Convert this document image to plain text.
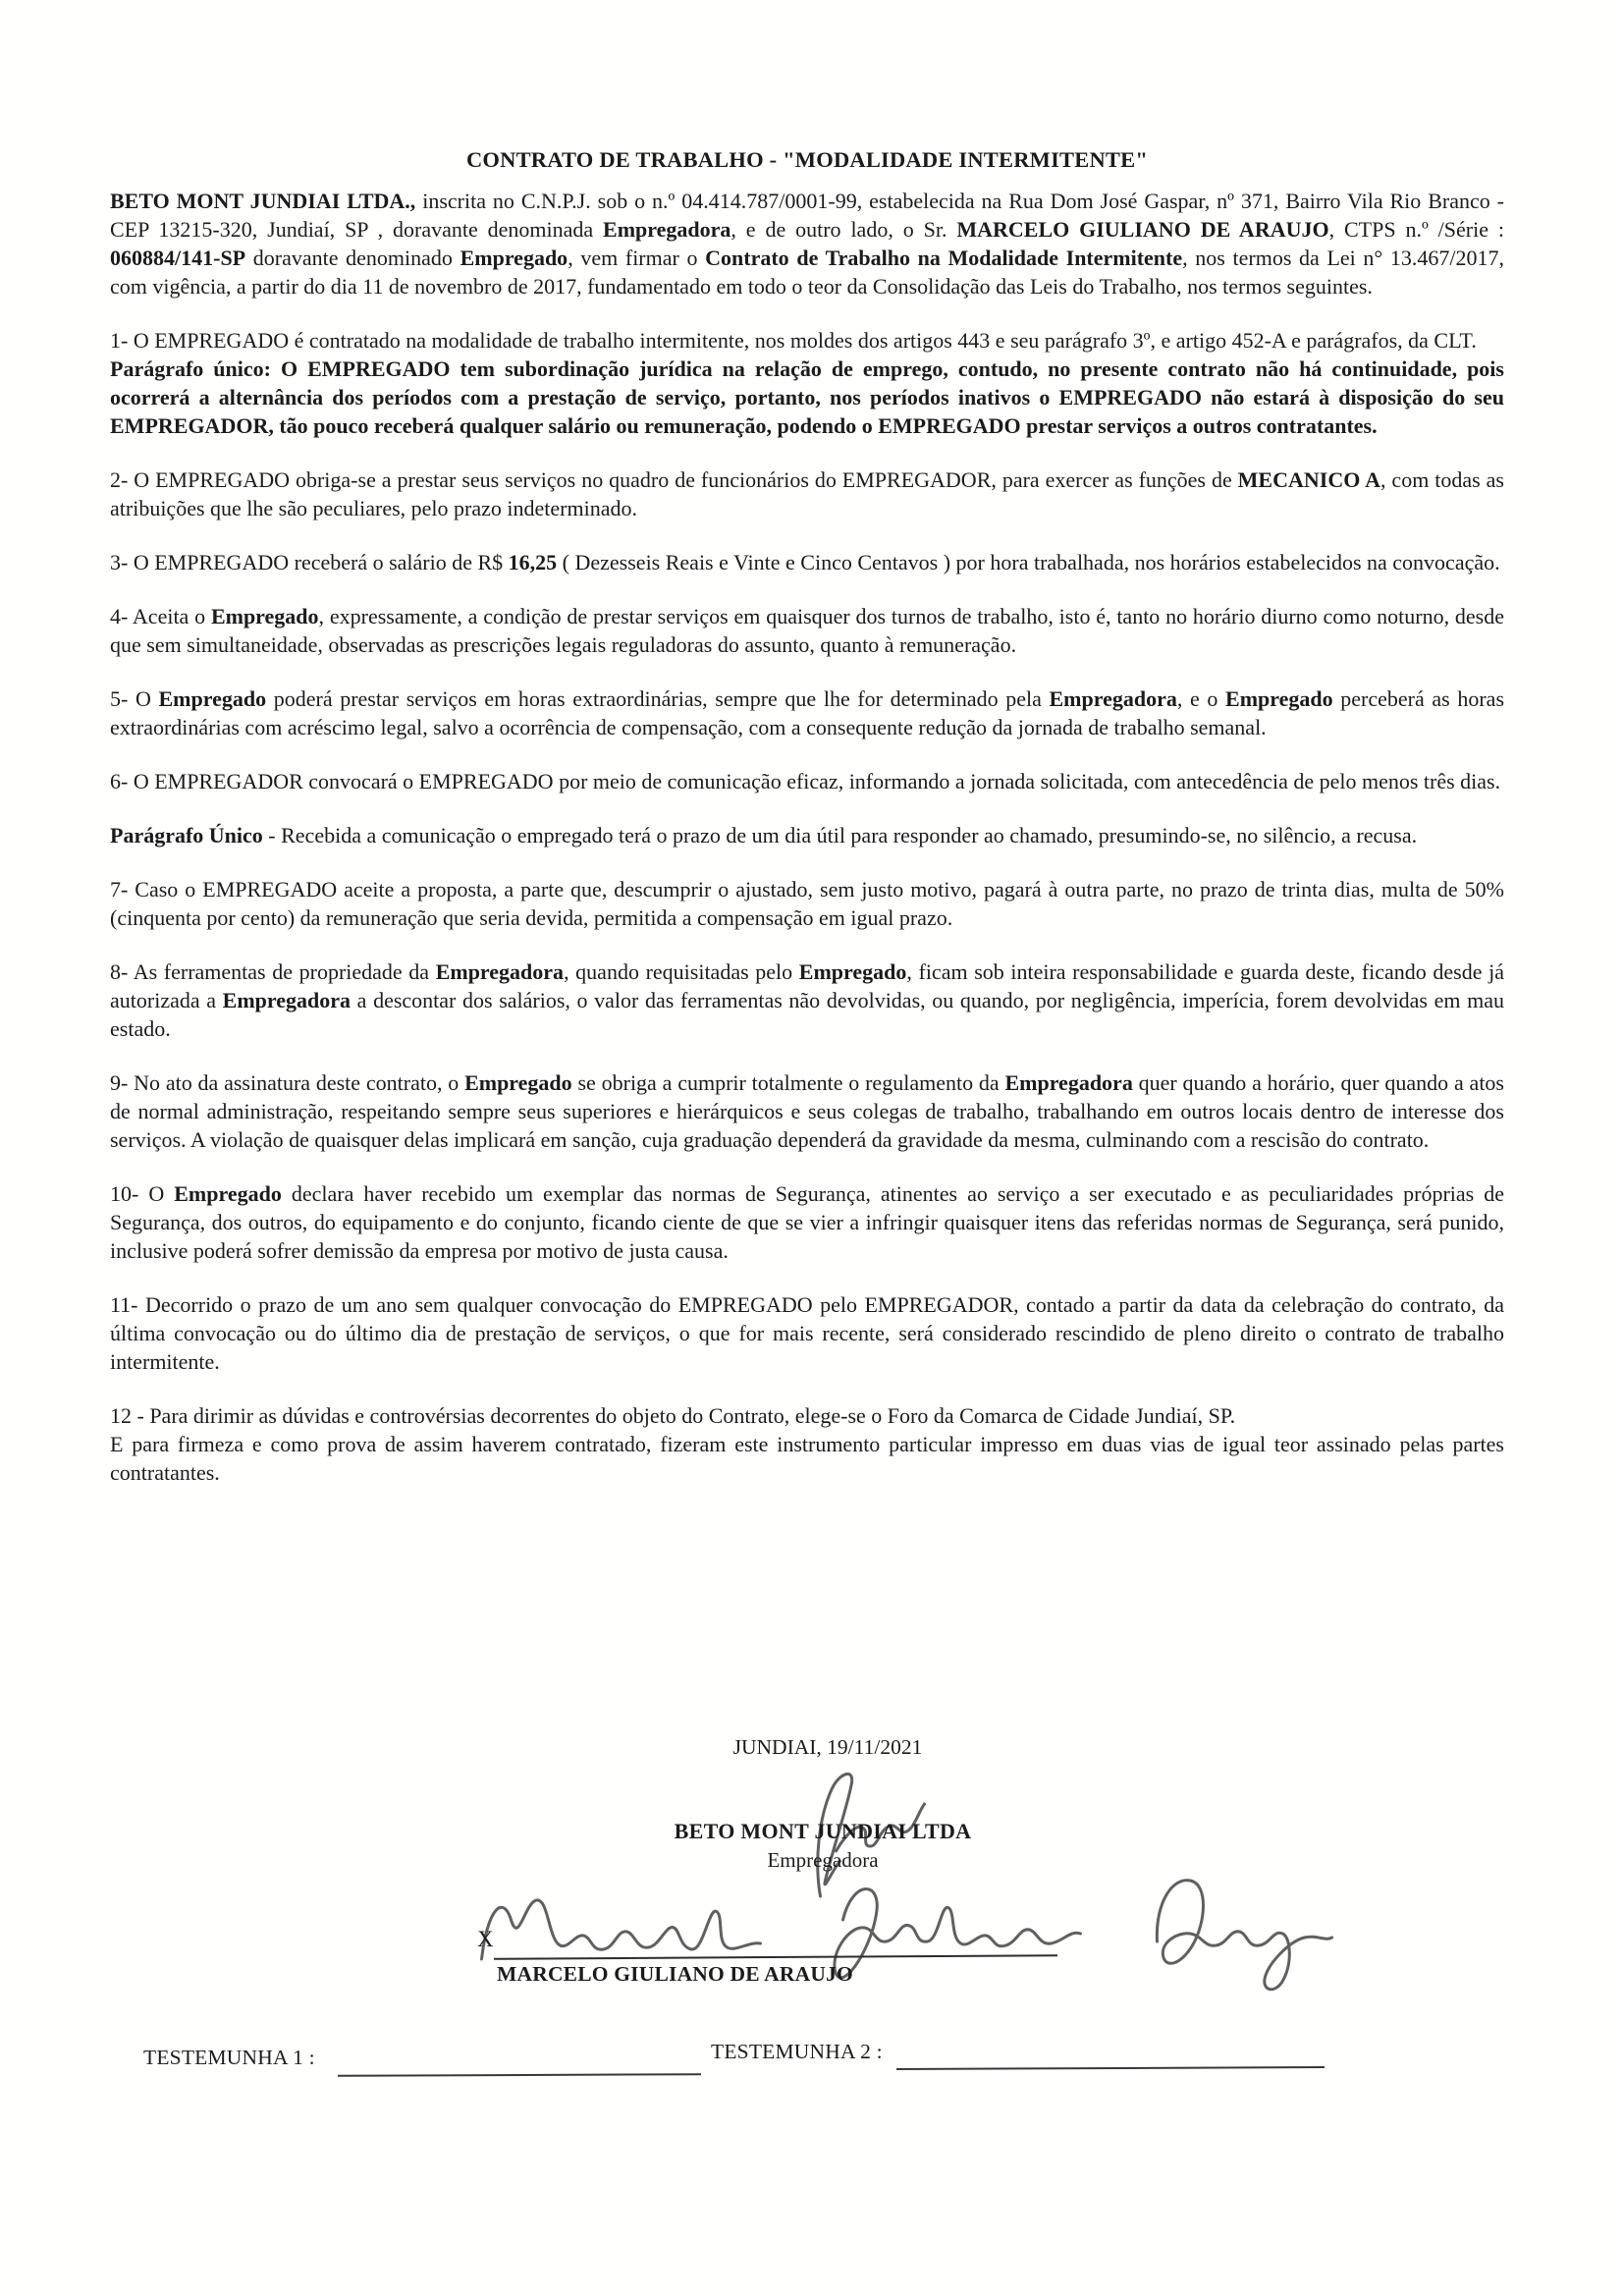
CONTRATO DE TRABALHO - "MODALIDADE INTERMITENTE"

BETO MONT JUNDIAI LTDA., inscrita no C.N.P.J. sob o n.º 04.414.787/0001-99, estabelecida na Rua Dom José Gaspar, nº 371, Bairro Vila Rio Branco - CEP 13215-320, Jundiaí, SP , doravante denominada Empregadora, e de outro lado, o Sr. MARCELO GIULIANO DE ARAUJO, CTPS n.º /Série : 060884/141-SP doravante denominado Empregado, vem firmar o Contrato de Trabalho na Modalidade Intermitente, nos termos da Lei n° 13.467/2017, com vigência, a partir do dia 11 de novembro de 2017, fundamentado em todo o teor da Consolidação das Leis do Trabalho, nos termos seguintes.

1- O EMPREGADO é contratado na modalidade de trabalho intermitente, nos moldes dos artigos 443 e seu parágrafo 3º, e artigo 452-A e parágrafos, da CLT.

Parágrafo único: O EMPREGADO tem subordinação jurídica na relação de emprego, contudo, no presente contrato não há continuidade, pois ocorrerá a alternância dos períodos com a prestação de serviço, portanto, nos períodos inativos o EMPREGADO não estará à disposição do seu EMPREGADOR, tão pouco receberá qualquer salário ou remuneração, podendo o EMPREGADO prestar serviços a outros contratantes.

2- O EMPREGADO obriga-se a prestar seus serviços no quadro de funcionários do EMPREGADOR, para exercer as funções de MECANICO A, com todas as atribuições que lhe são peculiares, pelo prazo indeterminado.

3- O EMPREGADO receberá o salário de R$ 16,25 ( Dezesseis Reais e Vinte e Cinco Centavos ) por hora trabalhada, nos horários estabelecidos na convocação.

4- Aceita o Empregado, expressamente, a condição de prestar serviços em quaisquer dos turnos de trabalho, isto é, tanto no horário diurno como noturno, desde que sem simultaneidade, observadas as prescrições legais reguladoras do assunto, quanto à remuneração.

5- O Empregado poderá prestar serviços em horas extraordinárias, sempre que lhe for determinado pela Empregadora, e o Empregado perceberá as horas extraordinárias com acréscimo legal, salvo a ocorrência de compensação, com a consequente redução da jornada de trabalho semanal.

6- O EMPREGADOR convocará o EMPREGADO por meio de comunicação eficaz, informando a jornada solicitada, com antecedência de pelo menos três dias.

Parágrafo Único - Recebida a comunicação o empregado terá o prazo de um dia útil para responder ao chamado, presumindo-se, no silêncio, a recusa.

7- Caso o EMPREGADO aceite a proposta, a parte que, descumprir o ajustado, sem justo motivo, pagará à outra parte, no prazo de trinta dias, multa de 50% (cinquenta por cento) da remuneração que seria devida, permitida a compensação em igual prazo.

8- As ferramentas de propriedade da Empregadora, quando requisitadas pelo Empregado, ficam sob inteira responsabilidade e guarda deste, ficando desde já autorizada a Empregadora a descontar dos salários, o valor das ferramentas não devolvidas, ou quando, por negligência, imperícia, forem devolvidas em mau estado.

9- No ato da assinatura deste contrato, o Empregado se obriga a cumprir totalmente o regulamento da Empregadora quer quando a horário, quer quando a atos de normal administração, respeitando sempre seus superiores e hierárquicos e seus colegas de trabalho, trabalhando em outros locais dentro de interesse dos serviços. A violação de quaisquer delas implicará em sanção, cuja graduação dependerá da gravidade da mesma, culminando com a rescisão do contrato.

10- O Empregado declara haver recebido um exemplar das normas de Segurança, atinentes ao serviço a ser executado e as peculiaridades próprias de Segurança, dos outros, do equipamento e do conjunto, ficando ciente de que se vier a infringir quaisquer itens das referidas normas de Segurança, será punido, inclusive poderá sofrer demissão da empresa por motivo de justa causa.

11- Decorrido o prazo de um ano sem qualquer convocação do EMPREGADO pelo EMPREGADOR, contado a partir da data da celebração do contrato, da última convocação ou do último dia de prestação de serviços, o que for mais recente, será considerado rescindido de pleno direito o contrato de trabalho intermitente.

12 - Para dirimir as dúvidas e controvérsias decorrentes do objeto do Contrato, elege-se o Foro da Comarca de Cidade Jundiaí, SP.

E para firmeza e como prova de assim haverem contratado, fizeram este instrumento particular impresso em duas vias de igual teor assinado pelas partes contratantes.

JUNDIAI, 19/11/2021
BETO MONT JUNDIAI LTDA
Empregadora
X
MARCELO GIULIANO DE ARAUJO
TESTEMUNHA 1 :	TESTEMUNHA 2 :
